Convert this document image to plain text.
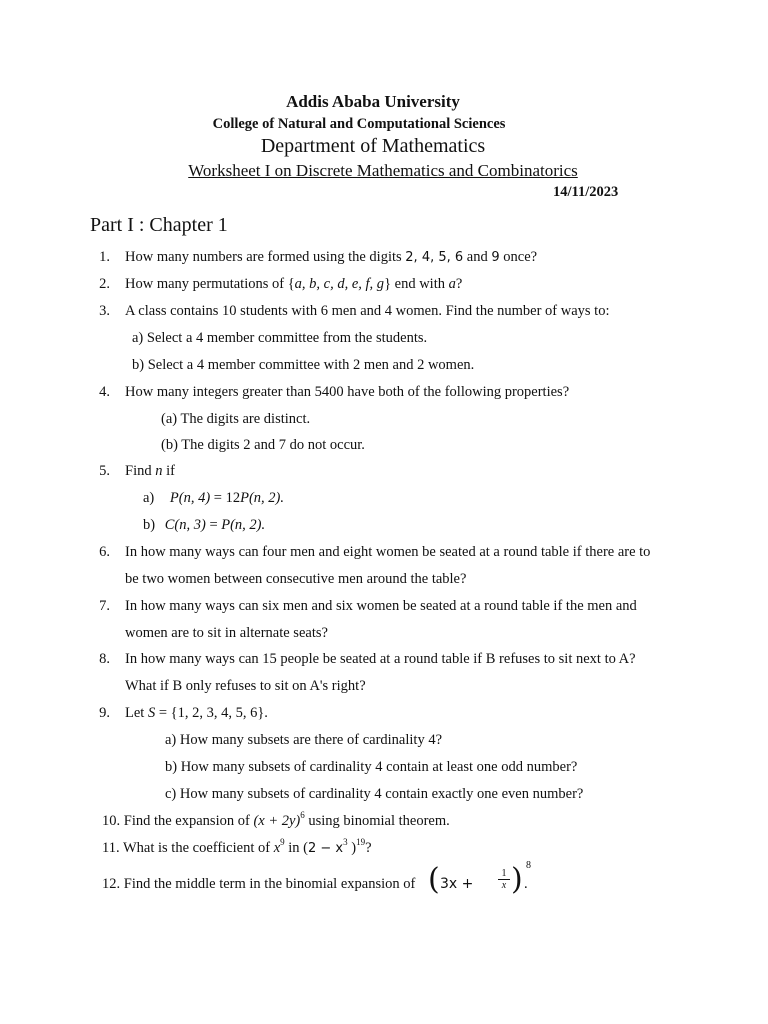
Addis Ababa University
College of Natural and Computational Sciences
Department of Mathematics
Worksheet I on Discrete Mathematics and Combinatorics
14/11/2023
Part I : Chapter 1
1. How many numbers are formed using the digits 2, 4, 5, 6 and 9 once?
2. How many permutations of {a, b, c, d, e, f, g} end with a?
3. A class contains 10 students with 6 men and 4 women. Find the number of ways to:
a) Select a 4 member committee from the students.
b) Select a 4 member committee with 2 men and 2 women.
4. How many integers greater than 5400 have both of the following properties?
(a) The digits are distinct.
(b) The digits 2 and 7 do not occur.
5. Find n if
a) P(n, 4) = 12P(n, 2).
b) C(n, 3) = P(n, 2).
6. In how many ways can four men and eight women be seated at a round table if there are to
be two women between consecutive men around the table?
7. In how many ways can six men and six women be seated at a round table if the men and
women are to sit in alternate seats?
8. In how many ways can 15 people be seated at a round table if B refuses to sit next to A?
What if B only refuses to sit on A's right?
9. Let S = {1, 2, 3, 4, 5, 6}.
a) How many subsets are there of cardinality 4?
b) How many subsets of cardinality 4 contain at least one odd number?
c) How many subsets of cardinality 4 contain exactly one even number?
10. Find the expansion of $(x + 2y)^6$ using binomial theorem.
11. What is the coefficient of $x^9$ in ($2 - x^3$ )$^{19}$?
12. Find the middle term in the binomial expansion of ( $3x + \frac{1}{x}$ ) 8
.
